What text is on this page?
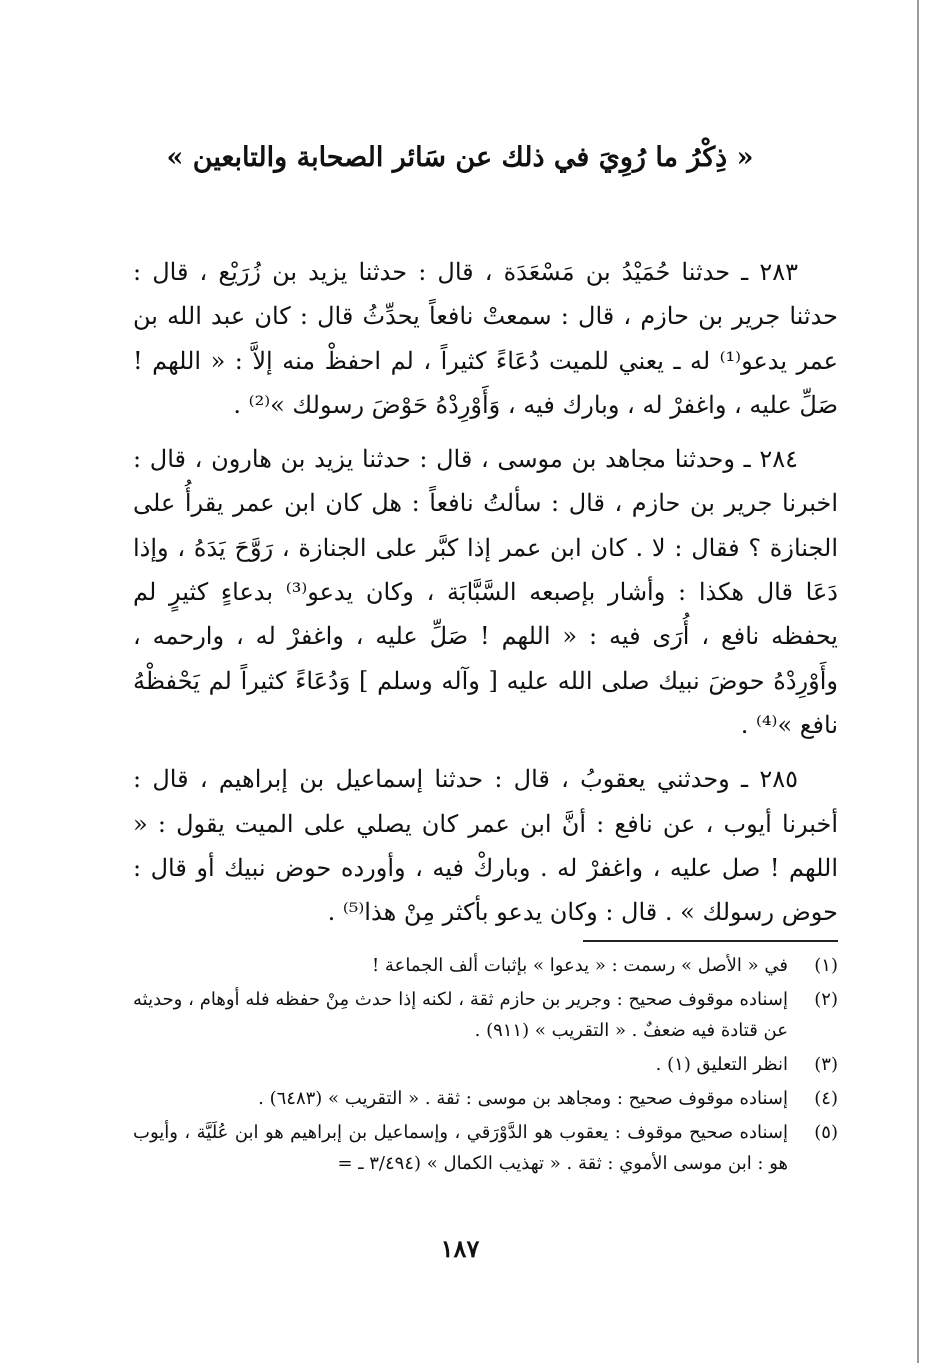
« ذِكْرُ ما رُوِيَ في ذلك عن سَائر الصحابة والتابعين »

٢٨٣ ـ حدثنا حُمَيْدُ بن مَسْعَدَة ، قال : حدثنا يزيد بن زُرَيْع ، قال : حدثنا جرير بن حازم ، قال : سمعتْ نافعاً يحدِّثُ قال : كان عبد الله بن عمر يدعو⁽¹⁾ له ـ يعني للميت دُعَاءً كثيراً ، لم احفظْ منه إلاَّ : « اللهم ! صَلِّ عليه ، واغفرْ له ، وبارك فيه ، وَأَوْرِدْهُ حَوْضَ رسولك »⁽²⁾ .

٢٨٤ ـ وحدثنا مجاهد بن موسى ، قال : حدثنا يزيد بن هارون ، قال : اخبرنا جرير بن حازم ، قال : سألتُ نافعاً : هل كان ابن عمر يقرأُ على الجنازة ؟ فقال : لا . كان ابن عمر إذا كبَّر على الجنازة ، رَوَّحَ يَدَهُ ، وإذا دَعَا قال هكذا : وأشار بإصبعه السَّبَّابَة ، وكان يدعو⁽³⁾ بدعاءٍ كثيرٍ لم يحفظه نافع ، أُرَى فيه : « اللهم ! صَلِّ عليه ، واغفرْ له ، وارحمه ، وأَوْرِدْهُ حوضَ نبيك صلى الله عليه [ وآله وسلم ] وَدُعَاءً كثيراً لم يَحْفظْهُ نافع »⁽⁴⁾ .

٢٨٥ ـ وحدثني يعقوبُ ، قال : حدثنا إسماعيل بن إبراهيم ، قال : أخبرنا أيوب ، عن نافع : أنَّ ابن عمر كان يصلي على الميت يقول : « اللهم ! صل عليه ، واغفرْ له . وباركْ فيه ، وأورده حوض نبيك أو قال : حوض رسولك » . قال : وكان يدعو بأكثر مِنْ هذا⁽⁵⁾ .

(١)
في « الأصل » رسمت : « يدعوا » بإثبات ألف الجماعة !
(٢)
إسناده موقوف صحيح : وجرير بن حازم ثقة ، لكنه إذا حدث مِنْ حفظه فله أوهام ، وحديثه عن قتادة فيه ضعفٌ . « التقريب » (٩١١) .
(٣)
انظر التعليق (١) .
(٤)
إسناده موقوف صحيح : ومجاهد بن موسى : ثقة . « التقريب » (٦٤٨٣) .
(٥)
إسناده صحيح موقوف : يعقوب هو الدَّوْرَقي ، وإسماعيل بن إبراهيم هو ابن عُلَيَّة ، وأيوب هو : ابن موسى الأموي : ثقة . « تهذيب الكمال » (٣/٤٩٤ ـ =
١٨٧
